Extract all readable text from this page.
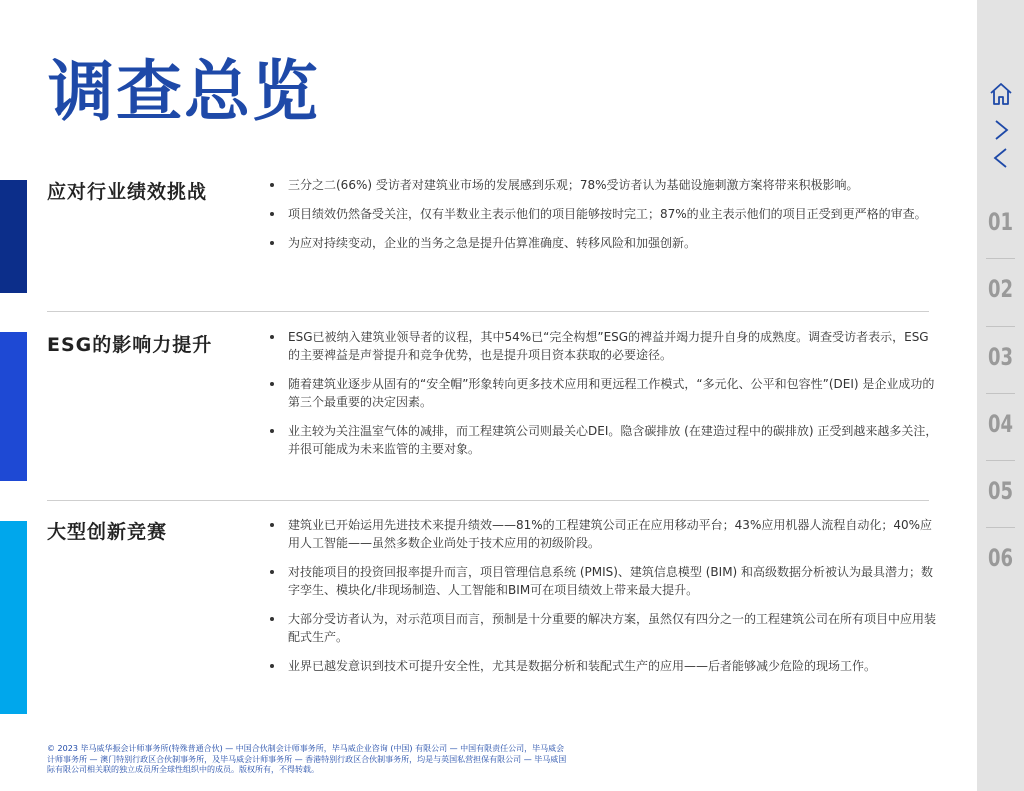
调查总览
应对行业绩效挑战	三分之二(66%) 受访者对建筑业市场的发展感到乐观；78%受访者认为基础设施刺激方案将带来积极影响。
项目绩效仍然备受关注，仅有半数业主表示他们的项目能够按时完工；87%的业主表示他们的项目正受到更严格的审查。
为应对持续变动，企业的当务之急是提升估算准确度、转移风险和加强创新。
ESG的影响力提升	ESG已被纳入建筑业领导者的议程，其中54%已“完全构想”ESG的裨益并竭力提升自身的成熟度。调查受访者表示，ESG的主要裨益是声誉提升和竞争优势，也是提升项目资本获取的必要途径。
随着建筑业逐步从固有的“安全帽”形象转向更多技术应用和更远程工作模式，“多元化、公平和包容性”(DEI) 是企业成功的第三个最重要的决定因素。
业主较为关注温室气体的减排，而工程建筑公司则最关心DEI。隐含碳排放 (在建造过程中的碳排放) 正受到越来越多关注，并很可能成为未来监管的主要对象。
大型创新竞赛	建筑业已开始运用先进技术来提升绩效——81%的工程建筑公司正在应用移动平台；43%应用机器人流程自动化；40%应用人工智能——虽然多数企业尚处于技术应用的初级阶段。
对技能项目的投资回报率提升而言，项目管理信息系统 (PMIS)、建筑信息模型 (BIM) 和高级数据分析被认为最具潜力；数字孪生、模块化/非现场制造、人工智能和BIM可在项目绩效上带来最大提升。
大部分受访者认为，对示范项目而言，预制是十分重要的解决方案，虽然仅有四分之一的工程建筑公司在所有项目中应用装配式生产。
业界已越发意识到技术可提升安全性，尤其是数据分析和装配式生产的应用——后者能够减少危险的现场工作。
© 2023 毕马威华振会计师事务所(特殊普通合伙) — 中国合伙制会计师事务所，毕马威企业咨询 (中国) 有限公司 — 中国有限责任公司，毕马威会计师事务所 — 澳门特别行政区合伙制事务所，及毕马威会计师事务所 — 香港特别行政区合伙制事务所，均是与英国私营担保有限公司 — 毕马威国际有限公司相关联的独立成员所全球性组织中的成员。版权所有，不得转载。
01
02
03
04
05
06
